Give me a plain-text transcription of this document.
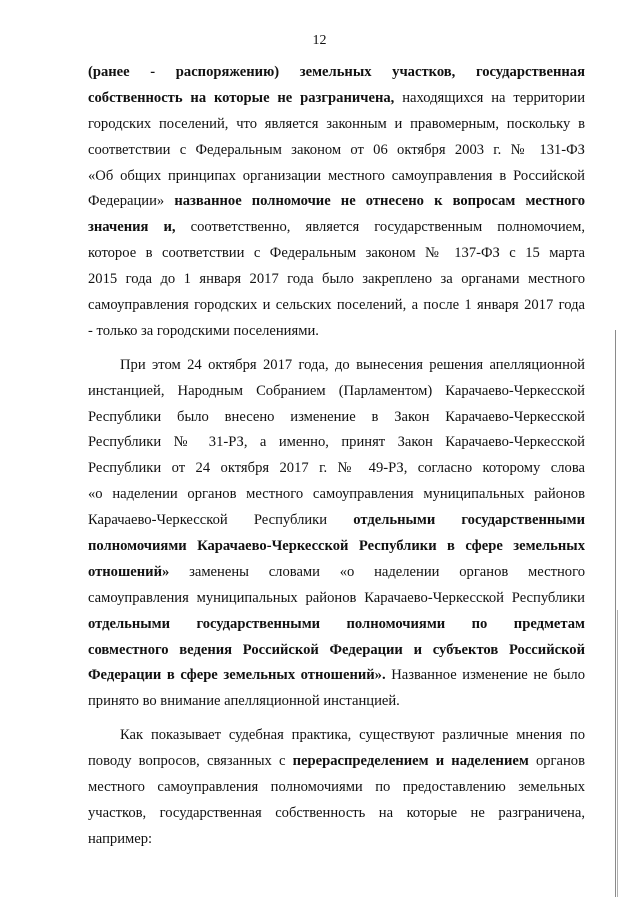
12
(ранее - распоряжению) земельных участков, государственная
собственность на которые не разграничена, находящихся на территории
городских поселений, что является законным и правомерным, поскольку в
соответствии с Федеральным законом от 06 октября 2003 г. № 131-ФЗ
«Об общих принципах организации местного самоуправления в Российской
Федерации» названное полномочие не отнесено к вопросам местного
значения и, соответственно, является государственным полномочием,
которое в соответствии с Федеральным законом № 137-ФЗ с 15 марта
2015 года до 1 января 2017 года было закреплено за органами местного
самоуправления городских и сельских поселений, а после 1 января 2017 года
- только за городскими поселениями.
При этом 24 октября 2017 года, до вынесения решения апелляционной
инстанцией, Народным Собранием (Парламентом) Карачаево-Черкесской
Республики было внесено изменение в Закон Карачаево-Черкесской
Республики № 31-РЗ, а именно, принят Закон Карачаево-Черкесской
Республики от 24 октября 2017 г. № 49-РЗ, согласно которому слова
«о наделении органов местного самоуправления муниципальных районов
Карачаево-Черкесской Республики отдельными государственными
полномочиями Карачаево-Черкесской Республики в сфере земельных
отношений» заменены словами «о наделении органов местного
самоуправления муниципальных районов Карачаево-Черкесской Республики
отдельными государственными полномочиями по предметам
совместного ведения Российской Федерации и субъектов Российской
Федерации в сфере земельных отношений». Названное изменение не было
принято во внимание апелляционной инстанцией.
Как показывает судебная практика, существуют различные мнения по
поводу вопросов, связанных с перераспределением и наделением органов
местного самоуправления полномочиями по предоставлению земельных
участков, государственная собственность на которые не разграничена,
например:
